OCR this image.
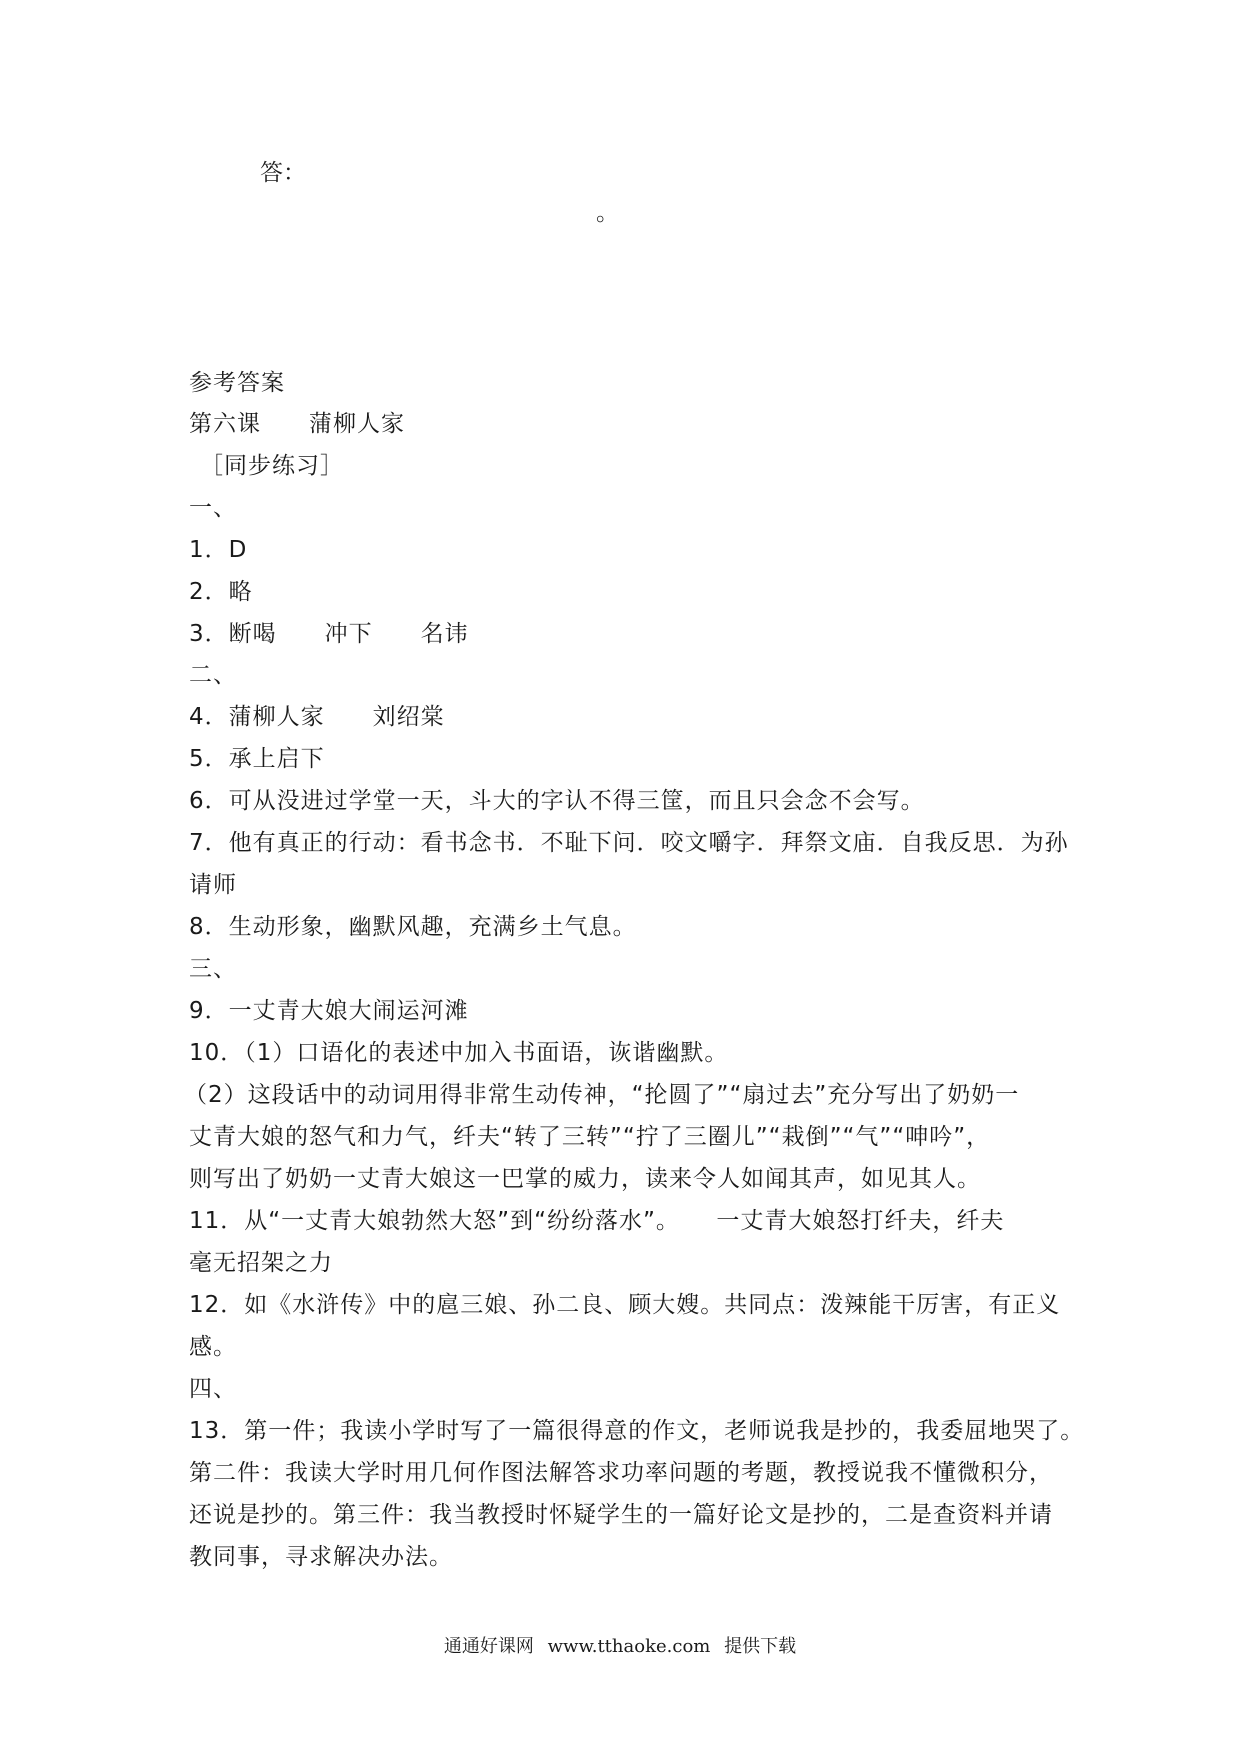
答：
。
参考答案
第六课　　蒲柳人家
［同步练习］
一、
1．D
2．略
3．断喝　　冲下　　名讳
二、
4．蒲柳人家　　刘绍棠
5．承上启下
6．可从没进过学堂一天，斗大的字认不得三筐，而且只会念不会写。
7．他有真正的行动：看书念书．不耻下问．咬文嚼字．拜祭文庙．自我反思．为孙
请师
8．生动形象，幽默风趣，充满乡土气息。
三、
9．一丈青大娘大闹运河滩
10．（1）口语化的表述中加入书面语，诙谐幽默。
（2）这段话中的动词用得非常生动传神，“抡圆了”“扇过去”充分写出了奶奶一
丈青大娘的怒气和力气，纤夫“转了三转”“拧了三圈儿”“栽倒”“气”“呻吟”，
则写出了奶奶一丈青大娘这一巴掌的威力，读来令人如闻其声，如见其人。
11．从“一丈青大娘勃然大怒”到“纷纷落水”。　　一丈青大娘怒打纤夫，纤夫
毫无招架之力
12．如《水浒传》中的扈三娘、孙二良、顾大嫂。共同点：泼辣能干厉害，有正义
感。
四、
13．第一件；我读小学时写了一篇很得意的作文，老师说我是抄的，我委屈地哭了。
第二件：我读大学时用几何作图法解答求功率问题的考题，教授说我不懂微积分，
还说是抄的。第三件：我当教授时怀疑学生的一篇好论文是抄的，二是查资料并请
教同事，寻求解决办法。
通通好课网 www.tthaoke.com 提供下载
